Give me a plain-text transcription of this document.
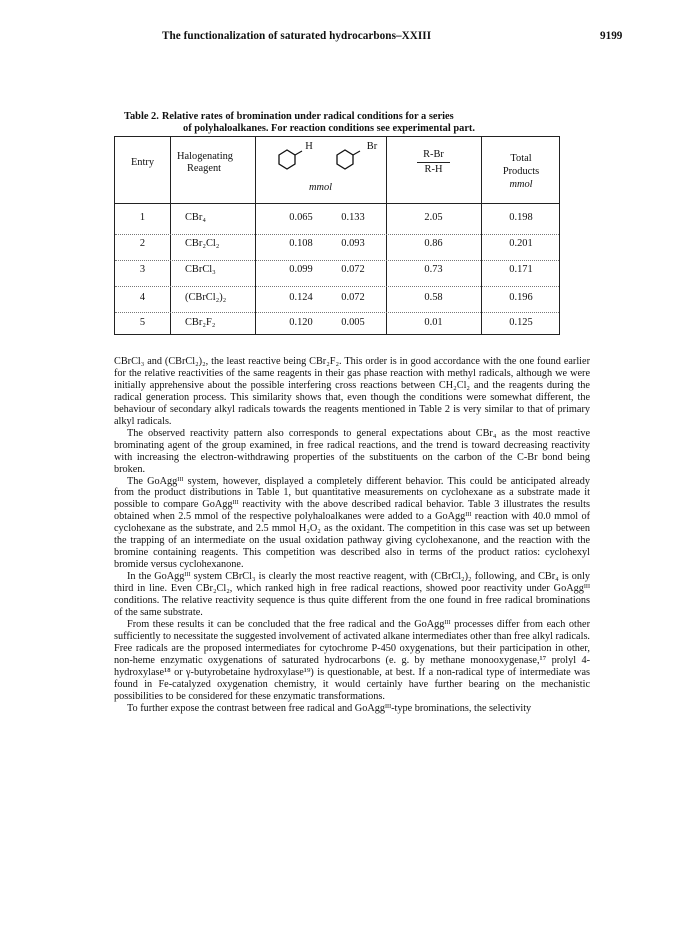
The functionalization of saturated hydrocarbons–XXIII	9199
Table 2. Relative rates of bromination under radical conditions for a series
of polyhaloalkanes. For reaction conditions see experimental part.
Entry
Halogenating
Reagent
H	Br
mmol
R-Br
R-H
Total
Products
mmol
1	CBr₄	0.065	0.133	2.05	0.198
2	CBr₂Cl₂	0.108	0.093	0.86	0.201
3	CBrCl₃	0.099	0.072	0.73	0.171
4	(CBrCl₂)₂	0.124	0.072	0.58	0.196
5	CBr₂F₂	0.120	0.005	0.01	0.125

CBrCl₃ and (CBrCl₂)₂, the least reactive being CBr₂F₂. This order is in good accordance with the one found earlier for the relative reactivities of the same reagents in their gas phase reaction with methyl radicals, although we were initially apprehensive about the possible interfering cross reactions between CH₂Cl₂ and the reagents during the radical generation process. This similarity shows that, even though the conditions were somewhat different, the behaviour of secondary alkyl radicals towards the reagents mentioned in Table 2 is very similar to that of primary alkyl radicals.

The observed reactivity pattern also corresponds to general expectations about CBr₄ as the most reactive brominating agent of the group examined, in free radical reactions, and the trend is toward decreasing reactivity with increasing the electron-withdrawing properties of the substituents on the carbon of the C-Br bond being broken.

The GoAggᴵᴵᴵ system, however, displayed a completely different behavior. This could be anticipated already from the product distributions in Table 1, but quantitative measurements on cyclohexane as a substrate made it possible to compare GoAggᴵᴵᴵ reactivity with the above described radical behavior. Table 3 illustrates the results obtained when 2.5 mmol of the respective polyhaloalkanes were added to a GoAggᴵᴵᴵ reaction with 40.0 mmol of cyclohexane as the substrate, and 2.5 mmol H₂O₂ as the oxidant. The competition in this case was set up between the trapping of an intermediate on the usual oxidation pathway giving cyclohexanone, and the reaction with the bromine containing reagents. This competition was described also in terms of the product ratios: cyclohexyl bromide versus cyclohexanone.

In the GoAggᴵᴵᴵ system CBrCl₃ is clearly the most reactive reagent, with (CBrCl₂)₂ following, and CBr₄ is only third in line. Even CBr₂Cl₂, which ranked high in free radical reactions, showed poor reactivity under GoAggᴵᴵᴵ conditions. The relative reactivity sequence is thus quite different from the one found in free radical brominations of the same substrate.

From these results it can be concluded that the free radical and the GoAggᴵᴵᴵ processes differ from each other sufficiently to necessitate the suggested involvement of activated alkane intermediates other than free alkyl radicals. Free radicals are the proposed intermediates for cytochrome P-450 oxygenations, but their participation in other, non-heme enzymatic oxygenations of saturated hydrocarbons (e. g. by methane monooxygenase,¹⁷ prolyl 4-hydroxylase¹⁸ or γ-butyrobetaine hydroxylase¹⁹) is questionable, at best. If a non-radical type of intermediate was found in Fe-catalyzed oxygenation chemistry, it would certainly have further bearing on the mechanistic possibilities to be considered for these enzymatic transformations.

To further expose the contrast between free radical and GoAggᴵᴵᴵ-type brominations, the selectivity
